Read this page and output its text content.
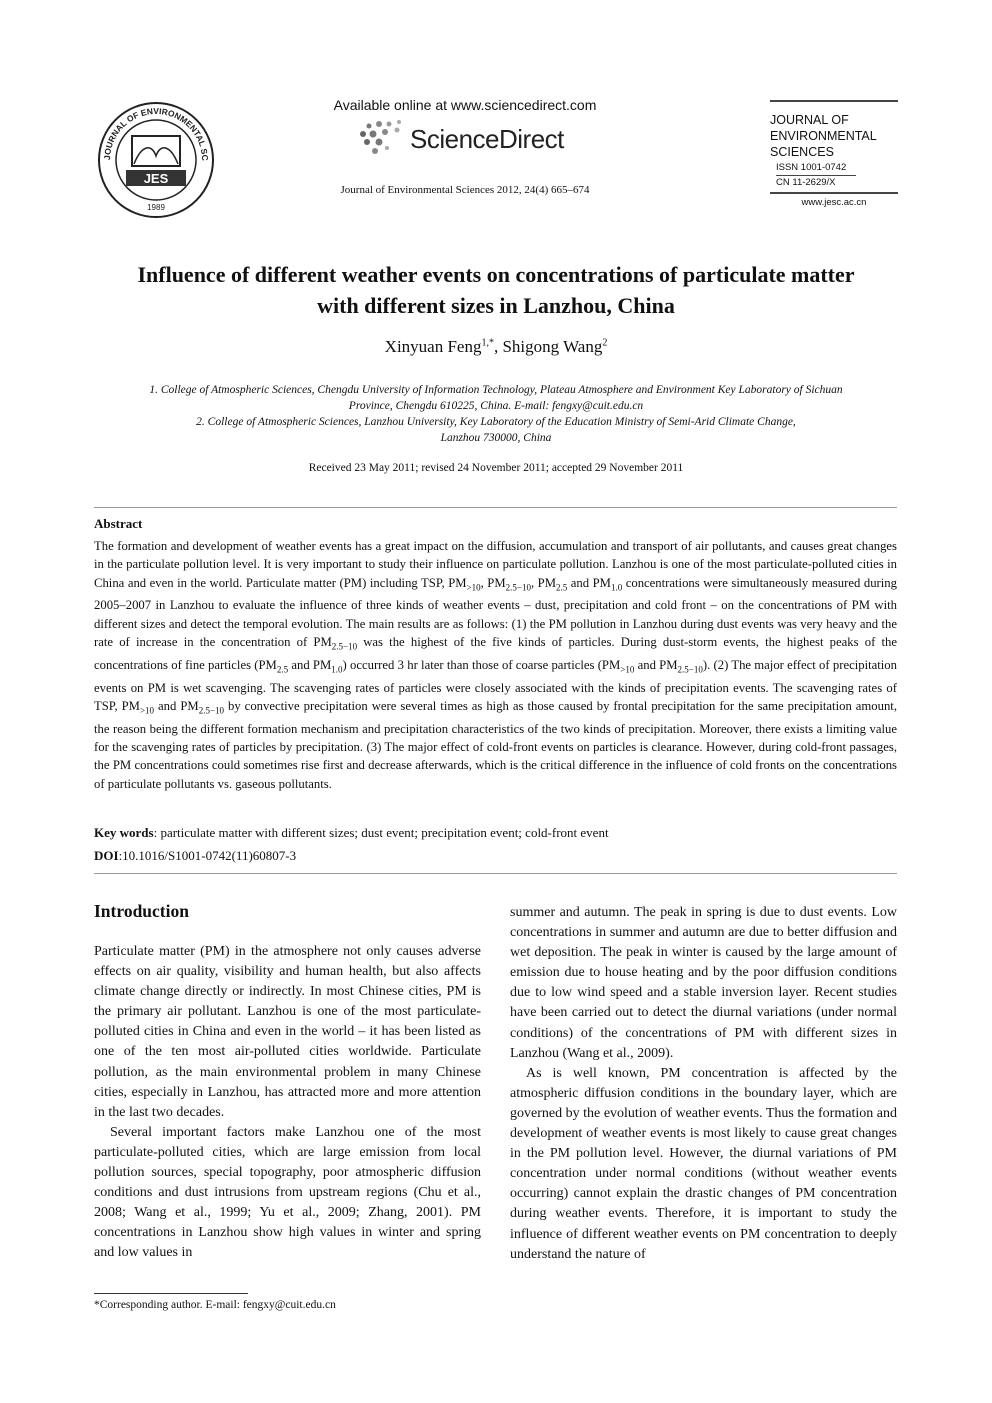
JOURNAL OF ENVIRONMENTAL SC
JES
1989
Available online at www.sciencedirect.com
ScienceDirect
Journal of Environmental Sciences 2012, 24(4) 665–674
JOURNAL OF
ENVIRONMENTAL
SCIENCES
ISSN 1001-0742
CN 11-2629/X
www.jesc.ac.cn
Influence of different weather events on concentrations of particulate matter
with different sizes in Lanzhou, China
Xinyuan Feng$^{1,*}$, Shigong Wang$^2$
1. College of Atmospheric Sciences, Chengdu University of Information Technology, Plateau Atmosphere and Environment Key Laboratory of Sichuan
Province, Chengdu 610225, China. E-mail: fengxy@cuit.edu.cn
2. College of Atmospheric Sciences, Lanzhou University, Key Laboratory of the Education Ministry of Semi-Arid Climate Change,
Lanzhou 730000, China
Received 23 May 2011; revised 24 November 2011; accepted 29 November 2011
Abstract
The formation and development of weather events has a great impact on the diffusion, accumulation and transport of air pollutants, and causes great changes in the particulate pollution level. It is very important to study their influence on particulate pollution. Lanzhou is one of the most particulate-polluted cities in China and even in the world. Particulate matter (PM) including TSP, $PM_{>10}$, $PM_{2.5-10}$, $PM_{2.5}$ and $PM_{1.0}$ concentrations were simultaneously measured during 2005–2007 in Lanzhou to evaluate the influence of three kinds of weather events – dust, precipitation and cold front – on the concentrations of PM with different sizes and detect the temporal evolution. The main results are as follows: (1) the PM pollution in Lanzhou during dust events was very heavy and the rate of increase in the concentration of $PM_{2.5-10}$ was the highest of the five kinds of particles. During dust-storm events, the highest peaks of the concentrations of fine particles ($PM_{2.5}$ and $PM_{1.0}$) occurred 3 hr later than those of coarse particles ($PM_{>10}$ and $PM_{2.5-10}$). (2) The major effect of precipitation events on PM is wet scavenging. The scavenging rates of particles were closely associated with the kinds of precipitation events. The scavenging rates of TSP, $PM_{>10}$ and $PM_{2.5-10}$ by convective precipitation were several times as high as those caused by frontal precipitation for the same precipitation amount, the reason being the different formation mechanism and precipitation characteristics of the two kinds of precipitation. Moreover, there exists a limiting value for the scavenging rates of particles by precipitation. (3) The major effect of cold-front events on particles is clearance. However, during cold-front passages, the PM concentrations could sometimes rise first and decrease afterwards, which is the critical difference in the influence of cold fronts on the concentrations of particulate pollutants vs. gaseous pollutants.
Key words: particulate matter with different sizes; dust event; precipitation event; cold-front event
DOI:10.1016/S1001-0742(11)60807-3
Introduction

Particulate matter (PM) in the atmosphere not only causes adverse effects on air quality, visibility and human health, but also affects climate change directly or indirectly. In most Chinese cities, PM is the primary air pollutant. Lanzhou is one of the most particulate-polluted cities in China and even in the world – it has been listed as one of the ten most air-polluted cities worldwide. Particulate pollution, as the main environmental problem in many Chinese cities, especially in Lanzhou, has attracted more and more attention in the last two decades.

Several important factors make Lanzhou one of the most particulate-polluted cities, which are large emission from local pollution sources, special topography, poor atmospheric diffusion conditions and dust intrusions from upstream regions (Chu et al., 2008; Wang et al., 1999; Yu et al., 2009; Zhang, 2001). PM concentrations in Lanzhou show high values in winter and spring and low values in

summer and autumn. The peak in spring is due to dust events. Low concentrations in summer and autumn are due to better diffusion and wet deposition. The peak in winter is caused by the large amount of emission due to house heating and by the poor diffusion conditions due to low wind speed and a stable inversion layer. Recent studies have been carried out to detect the diurnal variations (under normal conditions) of the concentrations of PM with different sizes in Lanzhou (Wang et al., 2009).

As is well known, PM concentration is affected by the atmospheric diffusion conditions in the boundary layer, which are governed by the evolution of weather events. Thus the formation and development of weather events is most likely to cause great changes in the PM pollution level. However, the diurnal variations of PM concentration under normal conditions (without weather events occurring) cannot explain the drastic changes of PM concentration during weather events. Therefore, it is important to study the influence of different weather events on PM concentration to deeply understand the nature of

*Corresponding author. E-mail: fengxy@cuit.edu.cn
